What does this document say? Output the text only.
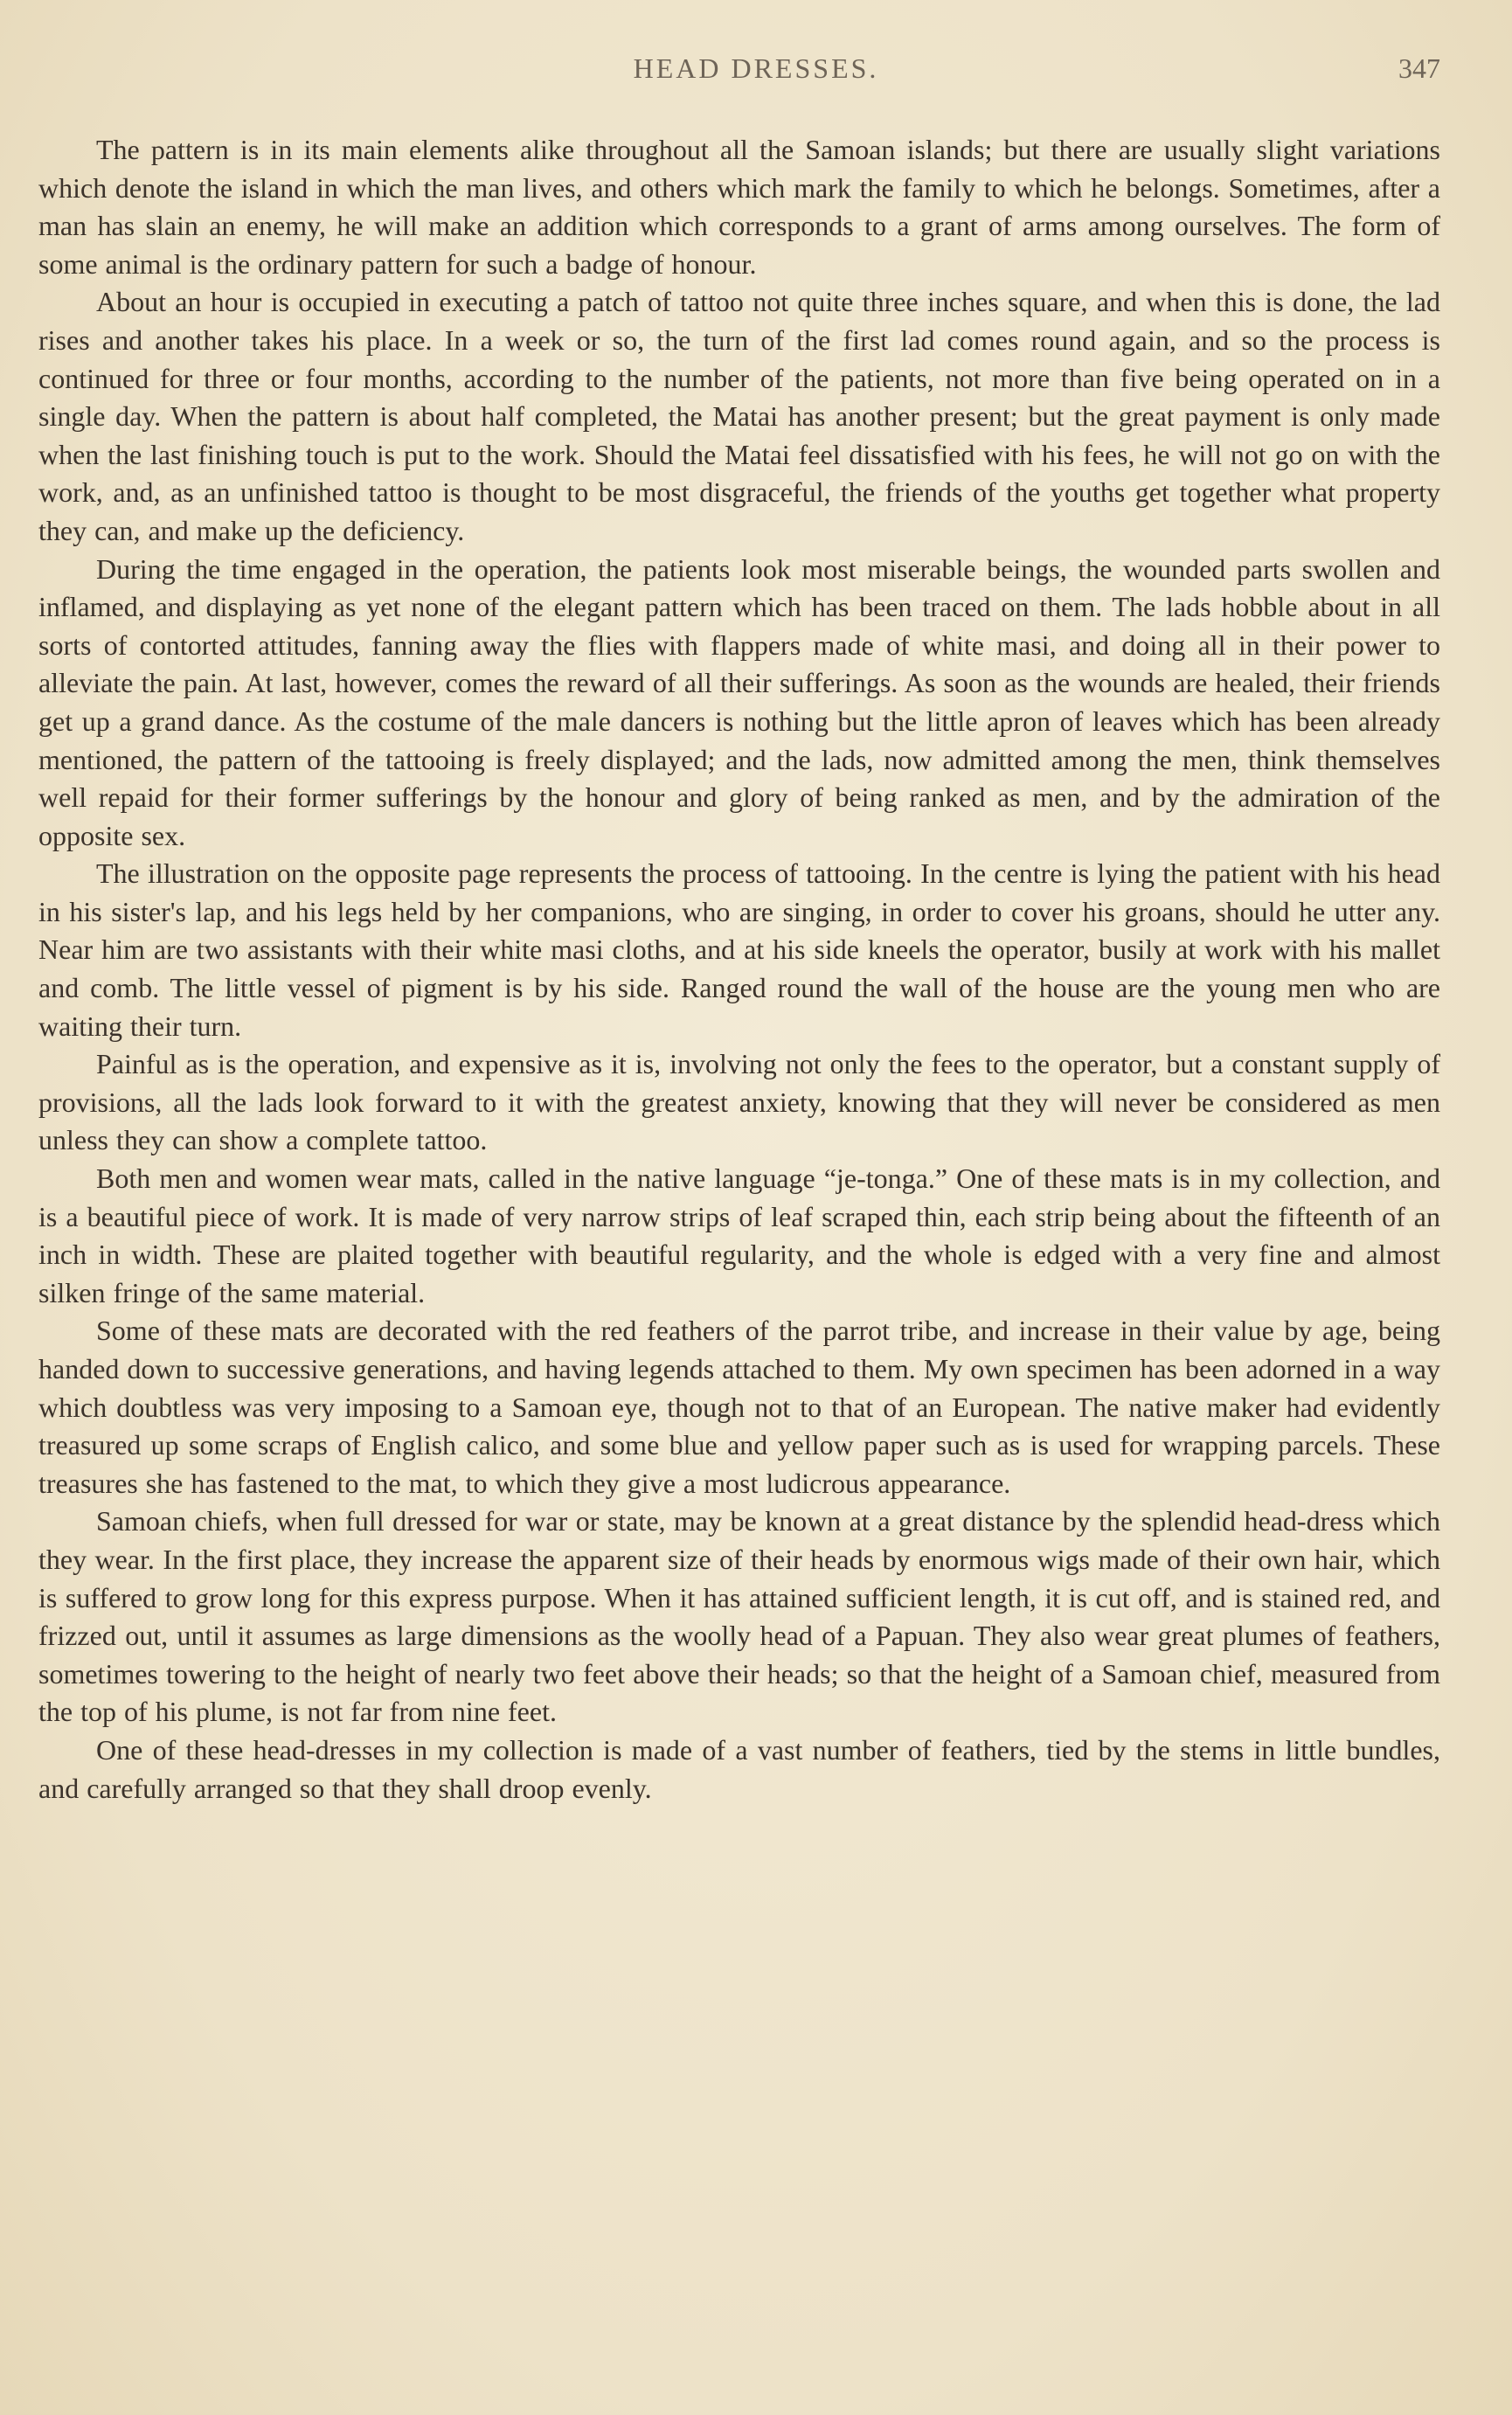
HEAD DRESSES.	347

The pattern is in its main elements alike throughout all the Samoan islands; but there are usually slight variations which denote the island in which the man lives, and others which mark the family to which he belongs. Sometimes, after a man has slain an enemy, he will make an addition which corresponds to a grant of arms among ourselves. The form of some animal is the ordinary pattern for such a badge of honour.

About an hour is occupied in executing a patch of tattoo not quite three inches square, and when this is done, the lad rises and another takes his place. In a week or so, the turn of the first lad comes round again, and so the process is continued for three or four months, according to the number of the patients, not more than five being operated on in a single day. When the pattern is about half completed, the Matai has another present; but the great payment is only made when the last finishing touch is put to the work. Should the Matai feel dissatisfied with his fees, he will not go on with the work, and, as an unfinished tattoo is thought to be most disgraceful, the friends of the youths get together what property they can, and make up the deficiency.

During the time engaged in the operation, the patients look most miserable beings, the wounded parts swollen and inflamed, and displaying as yet none of the elegant pattern which has been traced on them. The lads hobble about in all sorts of contorted attitudes, fanning away the flies with flappers made of white masi, and doing all in their power to alleviate the pain. At last, however, comes the reward of all their sufferings. As soon as the wounds are healed, their friends get up a grand dance. As the costume of the male dancers is nothing but the little apron of leaves which has been already mentioned, the pattern of the tattooing is freely displayed; and the lads, now admitted among the men, think themselves well repaid for their former sufferings by the honour and glory of being ranked as men, and by the admiration of the opposite sex.

The illustration on the opposite page represents the process of tattooing. In the centre is lying the patient with his head in his sister's lap, and his legs held by her companions, who are singing, in order to cover his groans, should he utter any. Near him are two assistants with their white masi cloths, and at his side kneels the operator, busily at work with his mallet and comb. The little vessel of pigment is by his side. Ranged round the wall of the house are the young men who are waiting their turn.

Painful as is the operation, and expensive as it is, involving not only the fees to the operator, but a constant supply of provisions, all the lads look forward to it with the greatest anxiety, knowing that they will never be considered as men unless they can show a complete tattoo.

Both men and women wear mats, called in the native language “je-tonga.” One of these mats is in my collection, and is a beautiful piece of work. It is made of very narrow strips of leaf scraped thin, each strip being about the fifteenth of an inch in width. These are plaited together with beautiful regularity, and the whole is edged with a very fine and almost silken fringe of the same material.

Some of these mats are decorated with the red feathers of the parrot tribe, and increase in their value by age, being handed down to successive generations, and having legends attached to them. My own specimen has been adorned in a way which doubtless was very imposing to a Samoan eye, though not to that of an European. The native maker had evidently treasured up some scraps of English calico, and some blue and yellow paper such as is used for wrapping parcels. These treasures she has fastened to the mat, to which they give a most ludicrous appearance.

Samoan chiefs, when full dressed for war or state, may be known at a great distance by the splendid head-dress which they wear. In the first place, they increase the apparent size of their heads by enormous wigs made of their own hair, which is suffered to grow long for this express purpose. When it has attained sufficient length, it is cut off, and is stained red, and frizzed out, until it assumes as large dimensions as the woolly head of a Papuan. They also wear great plumes of feathers, sometimes towering to the height of nearly two feet above their heads; so that the height of a Samoan chief, measured from the top of his plume, is not far from nine feet.

One of these head-dresses in my collection is made of a vast number of feathers, tied by the stems in little bundles, and carefully arranged so that they shall droop evenly.
